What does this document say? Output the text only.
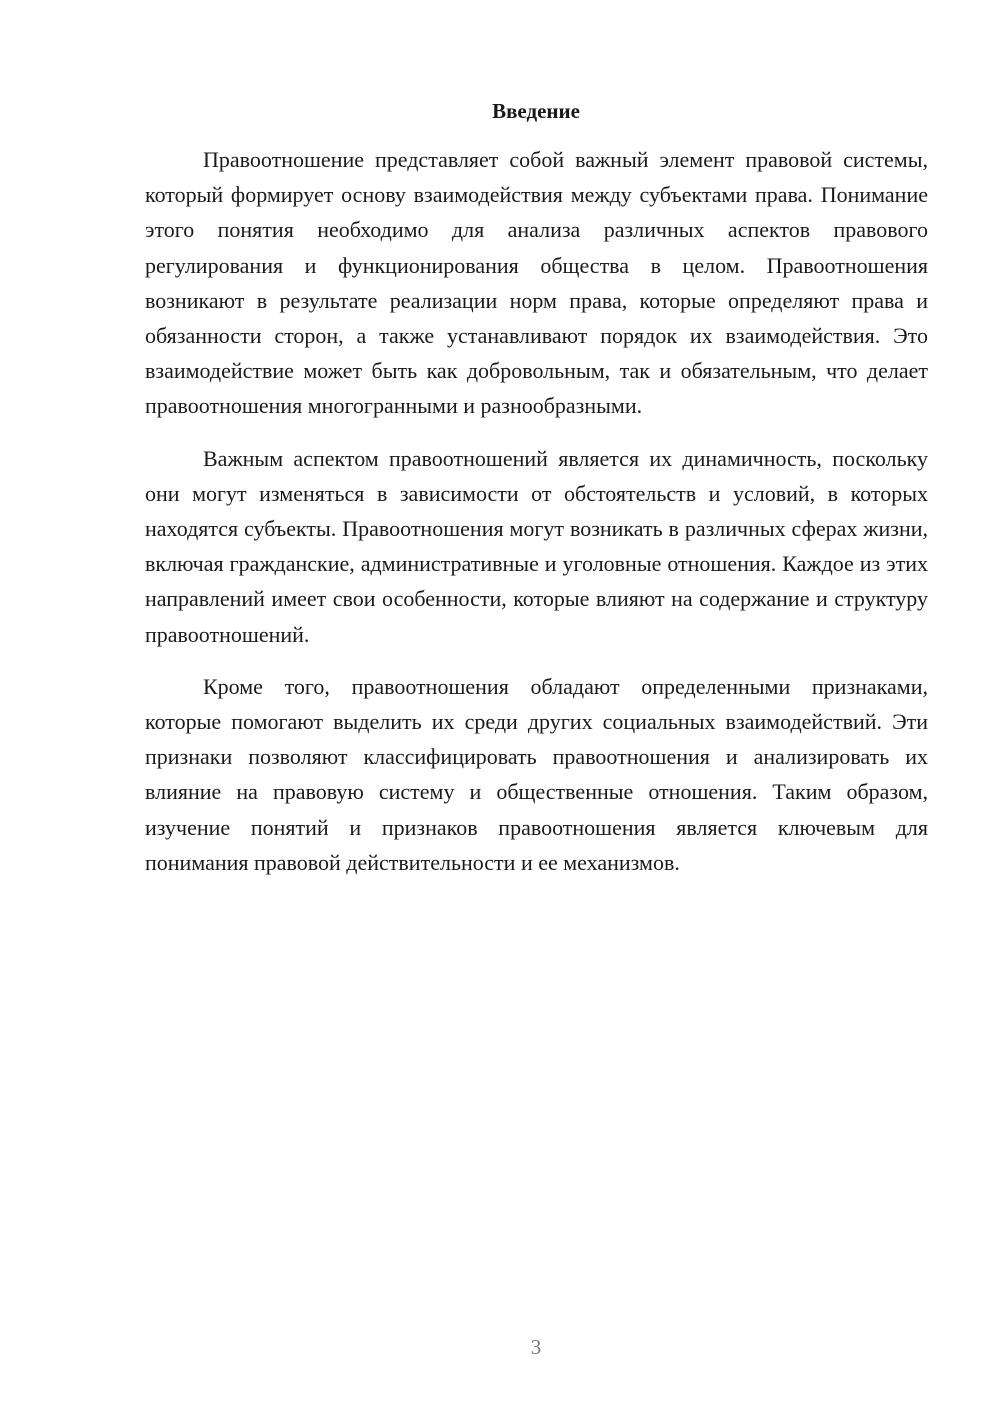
Введение

Правоотношение представляет собой важный элемент правовой системы, который формирует основу взаимодействия между субъектами права. Понимание этого понятия необходимо для анализа различных аспектов правового регулирования и функционирования общества в целом. Правоотношения возникают в результате реализации норм права, которые определяют права и обязанности сторон, а также устанавливают порядок их взаимодействия. Это взаимодействие может быть как добровольным, так и обязательным, что делает правоотношения многогранными и разнообразными.

Важным аспектом правоотношений является их динамичность, поскольку они могут изменяться в зависимости от обстоятельств и условий, в которых находятся субъекты. Правоотношения могут возникать в различных сферах жизни, включая гражданские, административные и уголовные отношения. Каждое из этих направлений имеет свои особенности, которые влияют на содержание и структуру правоотношений.

Кроме того, правоотношения обладают определенными признаками, которые помогают выделить их среди других социальных взаимодействий. Эти признаки позволяют классифицировать правоотношения и анализировать их влияние на правовую систему и общественные отношения. Таким образом, изучение понятий и признаков правоотношения является ключевым для понимания правовой действительности и ее механизмов.

3
